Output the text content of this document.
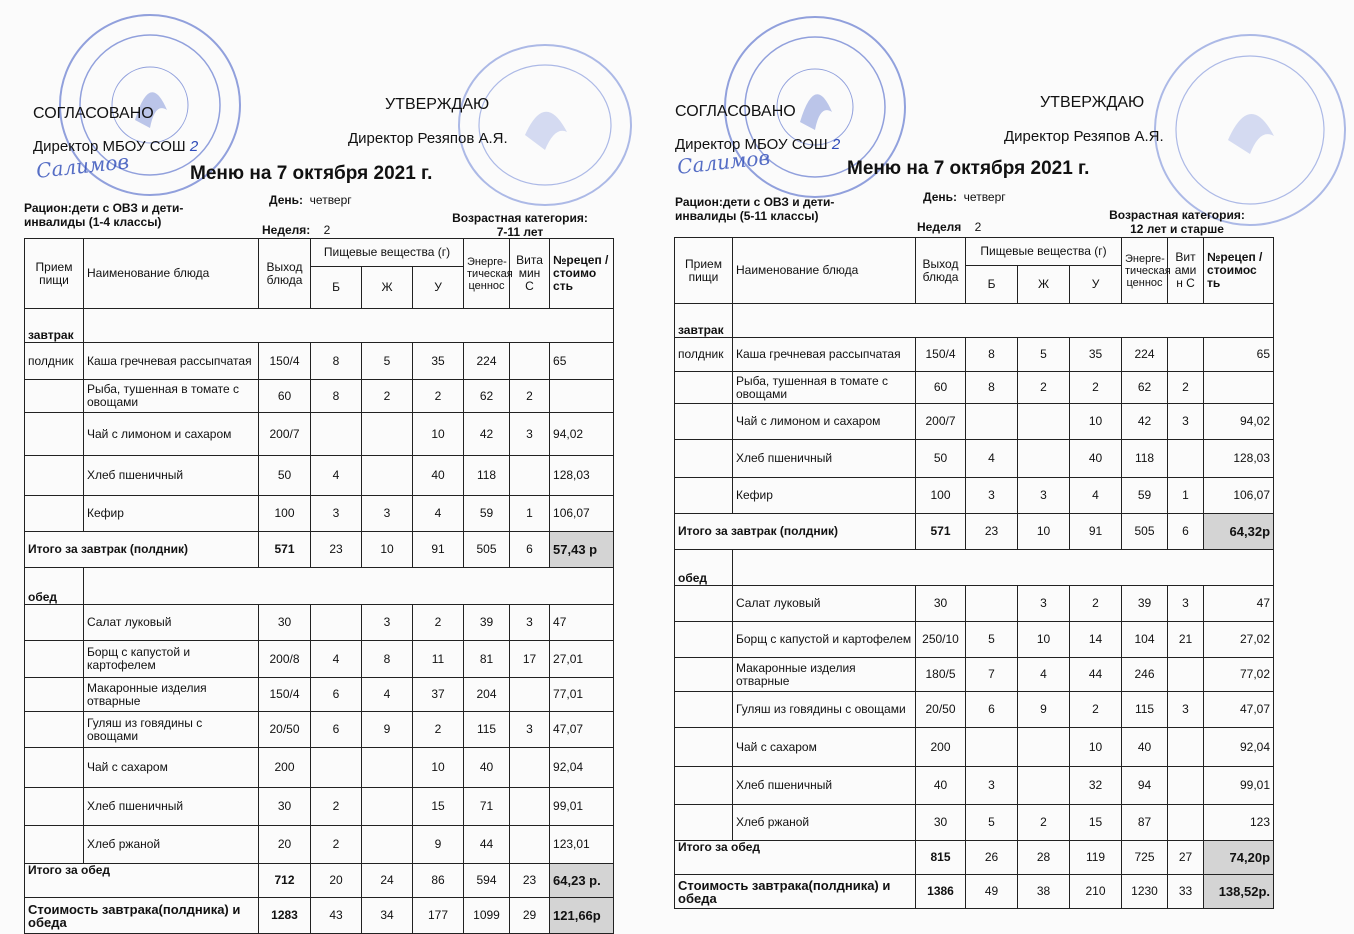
СОГЛАСОВАНО
Директор МБОУ СОШ 2
Салимов
УТВЕРЖДАЮ
Директор Резяпов А.Я.
Меню на 7 октября 2021 г.
Рацион:дети с ОВЗ и дети-инвалиды (1-4 классы)
День: четверг
Неделя: 2
Возрастная категория:
7-11 лет
Прием пищи	Наименование блюда	Выход блюда	Пищевые вещества (г)			Энерге-тическая ценнос	Вита мин С	№рецеп /стоимо сть
			Б	Ж	У			
завтрак								
полдник	Каша гречневая рассыпчатая	150/4	8	5	35	224		65
	Рыба, тушенная в томате с овощами	60	8	2	2	62	2	
	Чай с лимоном и сахаром	200/7			10	42	3	94,02
	Хлеб пшеничный	50	4		40	118		128,03
	Кефир	100	3	3	4	59	1	106,07
Итого за завтрак (полдник)		571	23	10	91	505	6	57,43 р
обед								
	Салат луковый	30		3	2	39	3	47
	Борщ с капустой и картофелем	200/8	4	8	11	81	17	27,01
	Макаронные изделия отварные	150/4	6	4	37	204		77,01
	Гуляш из говядины с овощами	20/50	6	9	2	115	3	47,07
	Чай с сахаром	200			10	40		92,04
	Хлеб пшеничный	30	2		15	71		99,01
	Хлеб ржаной	20	2		9	44		123,01
Итого за обед		712	20	24	86	594	23	64,23 р.
Стоимость завтрака(полдника) и обеда		1283	43	34	177	1099	29	121,66р
СОГЛАСОВАНО
Директор МБОУ СОШ 2
Салимов
УТВЕРЖДАЮ
Директор Резяпов А.Я.
Меню на 7 октября 2021 г.
Рацион:дети с ОВЗ и дети-инвалиды (5-11 классы)
День: четверг
Неделя 2
Возрастная категория:
12 лет и старше
Прием пищи	Наименование блюда	Выход блюда	Пищевые вещества (г)			Энерге-тическая ценнос	Вит ами н С	№рецеп /стоимос ть
			Б	Ж	У			
завтрак								
полдник	Каша гречневая рассыпчатая	150/4	8	5	35	224		65
	Рыба, тушенная в томате с овощами	60	8	2	2	62	2	
	Чай с лимоном и сахаром	200/7			10	42	3	94,02
	Хлеб пшеничный	50	4		40	118		128,03
	Кефир	100	3	3	4	59	1	106,07
Итого за завтрак (полдник)		571	23	10	91	505	6	64,32р
обед								
	Салат луковый	30		3	2	39	3	47
	Борщ с капустой и картофелем	250/10	5	10	14	104	21	27,02
	Макаронные изделия отварные	180/5	7	4	44	246		77,02
	Гуляш из говядины с овощами	20/50	6	9	2	115	3	47,07
	Чай с сахаром	200			10	40		92,04
	Хлеб пшеничный	40	3		32	94		99,01
	Хлеб ржаной	30	5	2	15	87		123
Итого за обед		815	26	28	119	725	27	74,20р
Стоимость завтрака(полдника) и обеда		1386	49	38	210	1230	33	138,52р.
